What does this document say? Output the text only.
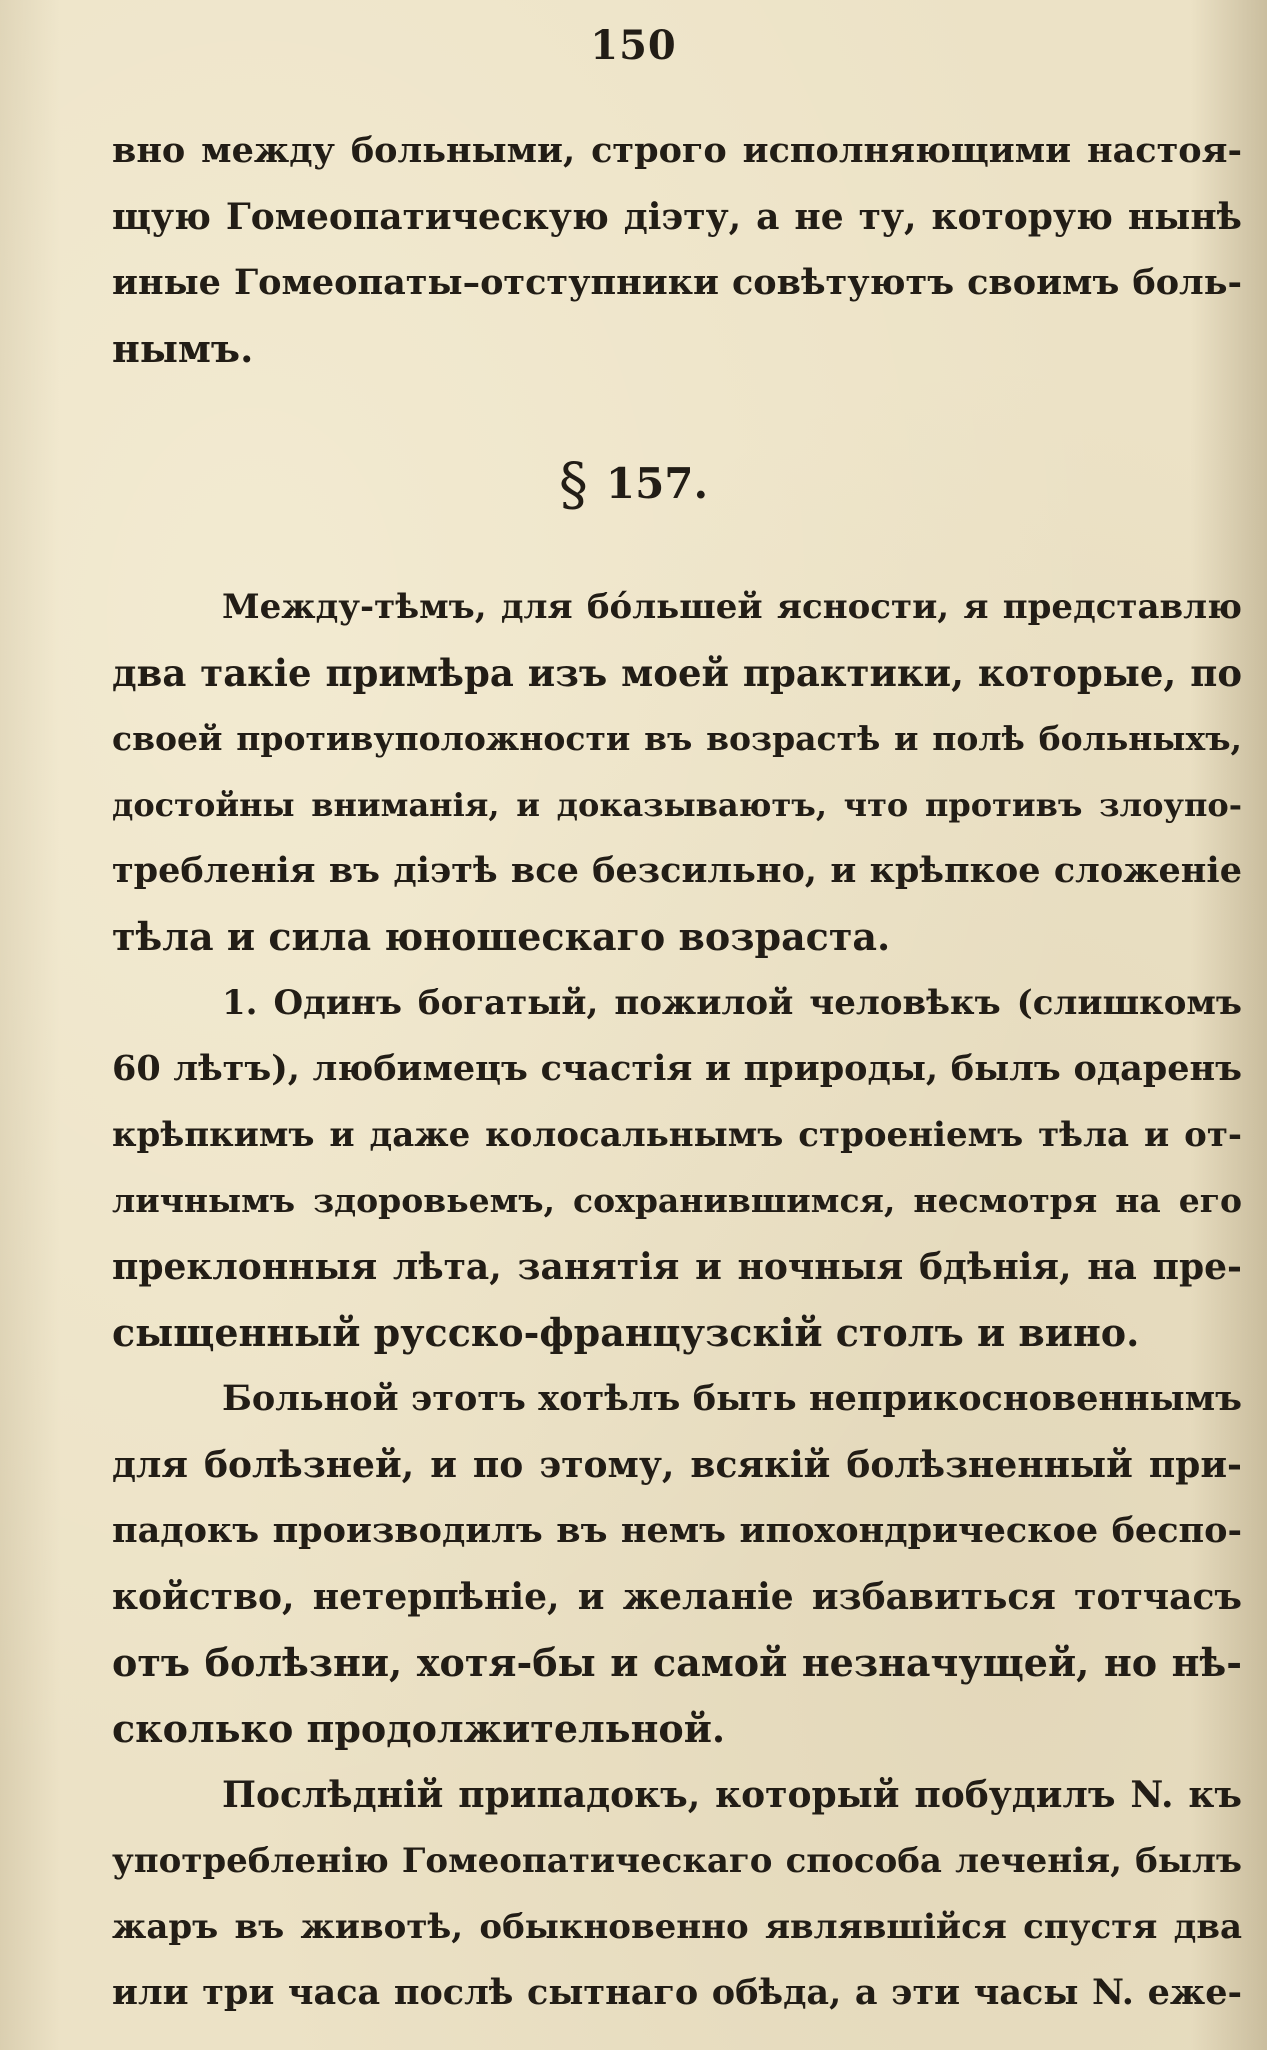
150
вно между больными, строго исполняющими настоя-
щую Гомеопатическую діэту, а не ту, которую нынѣ
иные Гомеопаты–отступники совѣтуютъ своимъ боль-
нымъ.
§ 157.
Между-тѣмъ, для бо́льшей ясности, я представлю
два такіе примѣра изъ моей практики, которые, по
своей противуположности въ возрастѣ и полѣ больныхъ,
достойны вниманія, и доказываютъ, что противъ злоупо-
требленія въ діэтѣ все безсильно, и крѣпкое сложеніе
тѣла и сила юношескаго возраста.
1. Одинъ богатый, пожилой человѣкъ (слишкомъ
60 лѣтъ), любимецъ счастія и природы, былъ одаренъ
крѣпкимъ и даже колосальнымъ строеніемъ тѣла и от-
личнымъ здоровьемъ, сохранившимся, несмотря на его
преклонныя лѣта, занятія и ночныя бдѣнія, на пре-
сыщенный русско-французскій столъ и вино.
Больной этотъ хотѣлъ быть неприкосновеннымъ
для болѣзней, и по этому, всякій болѣзненный при-
падокъ производилъ въ немъ ипохондрическое беспо-
койство, нетерпѣніе, и желаніе избавиться тотчасъ
отъ болѣзни, хотя-бы и самой незначущей, но нѣ-
сколько продолжительной.
Послѣдній припадокъ, который побудилъ N. къ
употребленію Гомеопатическаго способа леченія, былъ
жаръ въ животѣ, обыкновенно являвшійся спустя два
или три часа послѣ сытнаго обѣда, а эти часы N. еже-
